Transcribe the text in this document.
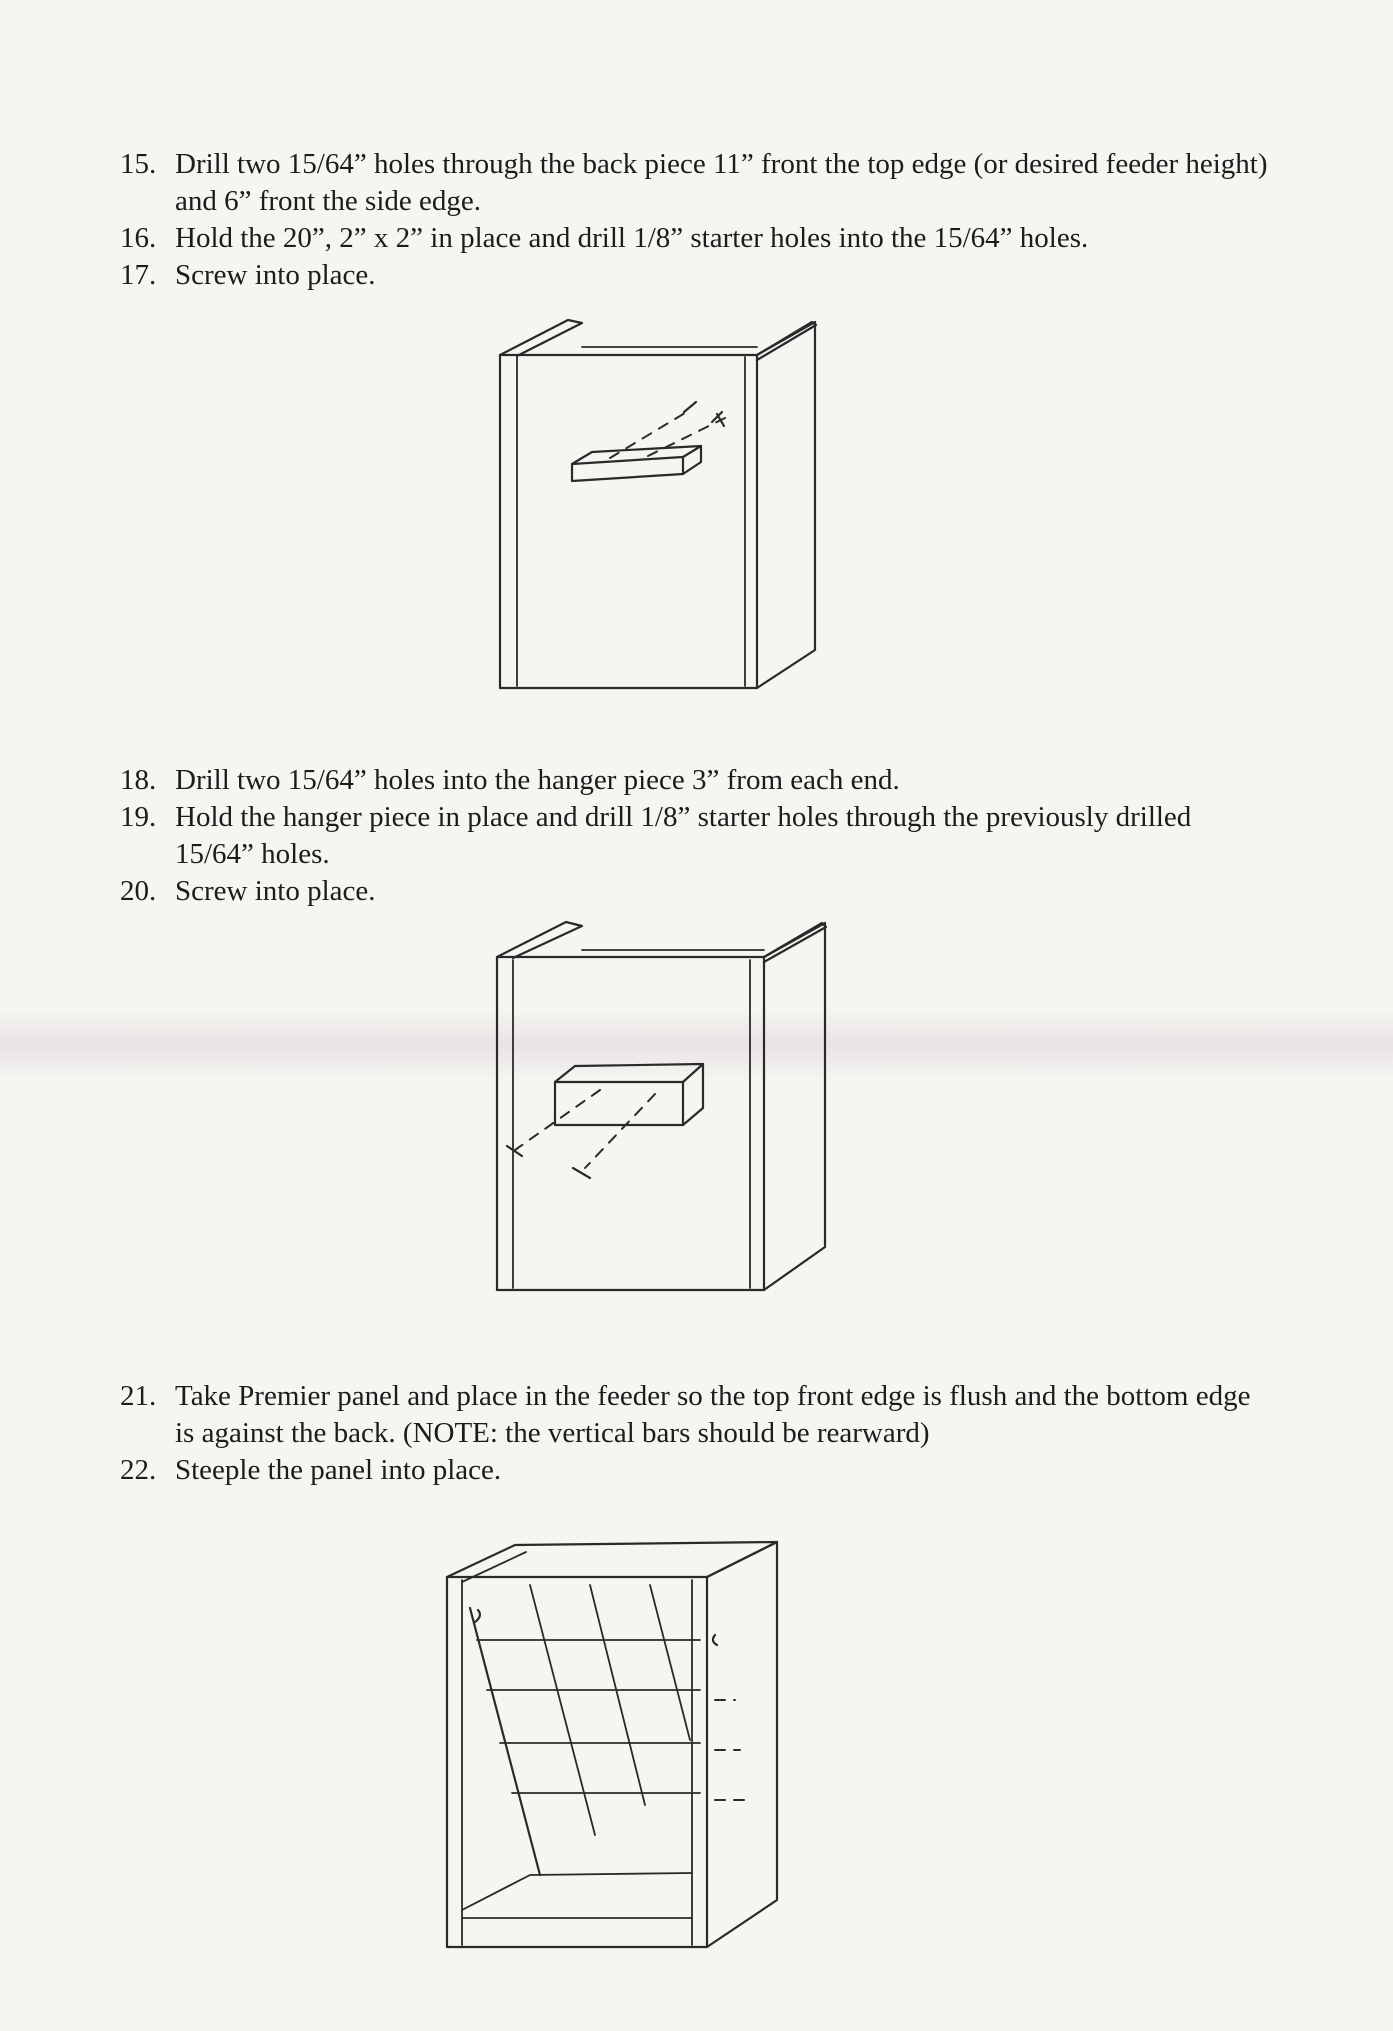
15. Drill two 15/64” holes through the back piece 11” front the top edge (or desired feeder height) and 6” front the side edge.
16. Hold the 20”, 2” x 2” in place and drill 1/8” starter holes into the 15/64” holes.
17. Screw into place.
18. Drill two 15/64” holes into the hanger piece 3” from each end.
19. Hold the hanger piece in place and drill 1/8” starter holes through the previously drilled 15/64” holes.
20. Screw into place.
21. Take Premier panel and place in the feeder so the top front edge is flush and the bottom edge is against the back. (NOTE: the vertical bars should be rearward)
22. Steeple the panel into place.
